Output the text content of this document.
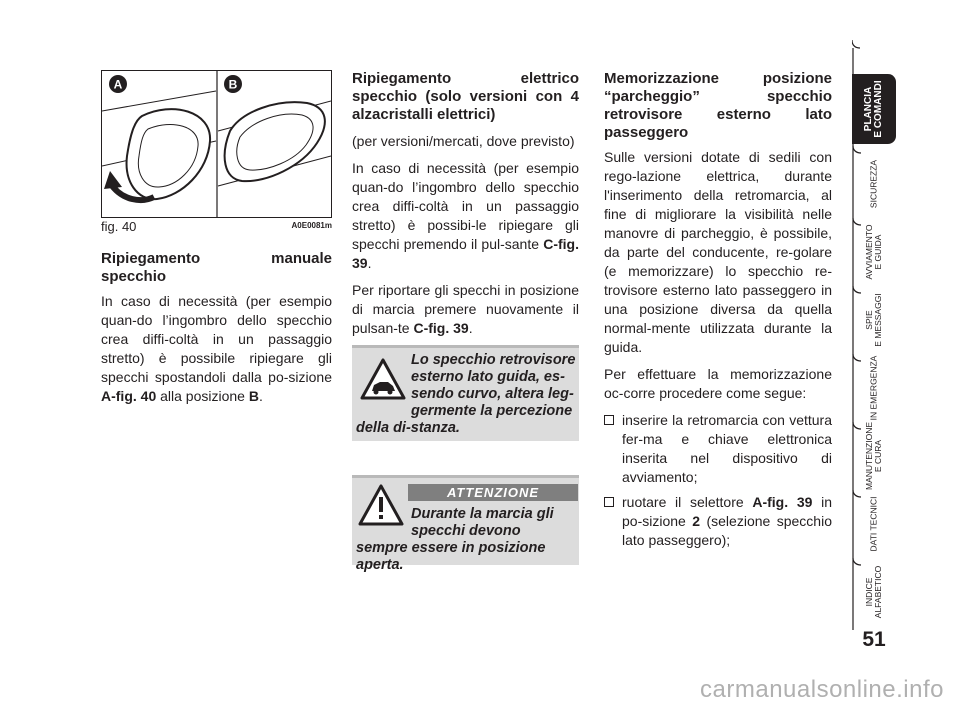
A	B
fig. 40	A0E0081m

Ripiegamento manuale specchio

In caso di necessità (per esempio quan-do l’ingombro dello specchio crea diffi-coltà in un passaggio stretto) è possibile ripiegare gli specchi spostandoli dalla po-sizione A-fig. 40 alla posizione B.

Ripiegamento elettrico specchio (solo versioni con 4 alzacristalli elettrici)

(per versioni/mercati, dove previsto)

In caso di necessità (per esempio quan-do l’ingombro dello specchio crea diffi-coltà in un passaggio stretto) è possibi-le ripiegare gli specchi premendo il pul-sante C-fig. 39.

Per riportare gli specchi in posizione di marcia premere nuovamente il pulsan-te C-fig. 39.

Lo specchio retrovisore esterno lato guida, es-sendo curvo, altera leg-germente la percezione della di-stanza.
ATTENZIONE
Durante la marcia gli specchi devono sempre essere in posizione aperta.

Memorizzazione posizione “parcheggio” specchio retrovisore esterno lato passeggero

Sulle versioni dotate di sedili con rego-lazione elettrica, durante l'inserimento della retromarcia, al fine di migliorare la visibilità nelle manovre di parcheggio, è possibile, da parte del conducente, re-golare (e memorizzare) lo specchio re-trovisore esterno lato passeggero in una posizione diversa da quella normal-mente utilizzata durante la guida.

Per effettuare la memorizzazione oc-corre procedere come segue:

inserire la retromarcia con vettura fer-ma e chiave elettronica inserita nel dispositivo di avviamento;
ruotare il selettore A-fig. 39 in po-sizione 2 (selezione specchio lato passeggero);
PLANCIA
E COMANDI
SICUREZZA
AVVIAMENTO
E GUIDA
SPIE
E MESSAGGI
IN EMERGENZA
MANUTENZIONE
E CURA
DATI TECNICI
INDICE
ALFABETICO
51
carmanualsonline.info
